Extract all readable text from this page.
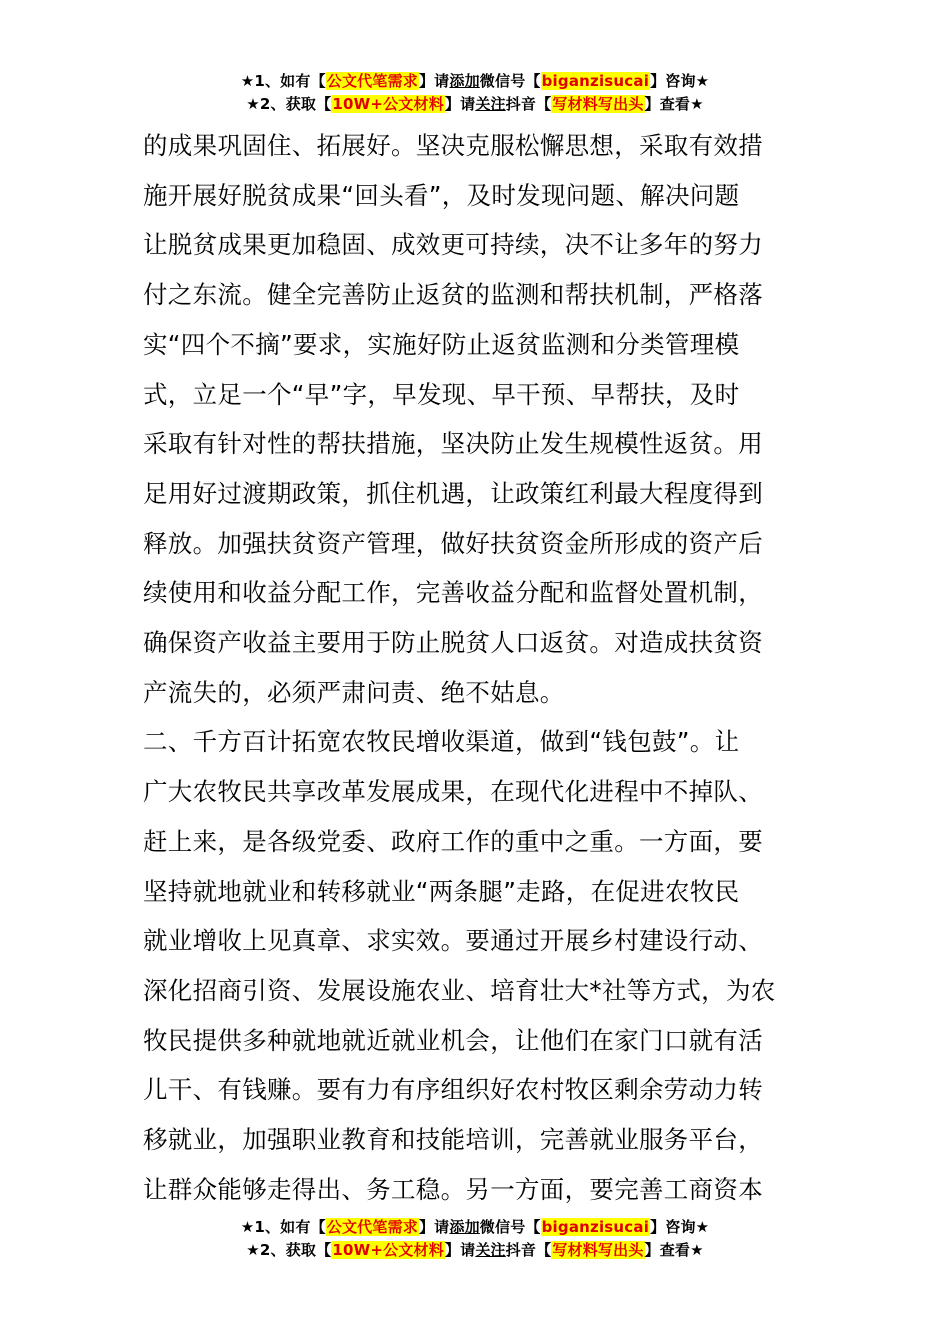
★1、如有【公文代笔需求】请添加微信号【biganzisucai】咨询★
★2、获取【10W+公文材料】请关注抖音【写材料写出头】查看★
的成果巩固住、拓展好。坚决克服松懈思想，采取有效措
施开展好脱贫成果“回头看”，及时发现问题、解决问题
让脱贫成果更加稳固、成效更可持续，决不让多年的努力
付之东流。健全完善防止返贫的监测和帮扶机制，严格落
实“四个不摘”要求，实施好防止返贫监测和分类管理模
式，立足一个“早”字，早发现、早干预、早帮扶，及时
采取有针对性的帮扶措施，坚决防止发生规模性返贫。用
足用好过渡期政策，抓住机遇，让政策红利最大程度得到
释放。加强扶贫资产管理，做好扶贫资金所形成的资产后
续使用和收益分配工作，完善收益分配和监督处置机制，
确保资产收益主要用于防止脱贫人口返贫。对造成扶贫资
产流失的，必须严肃问责、绝不姑息。
二、千方百计拓宽农牧民增收渠道，做到“钱包鼓”。让
广大农牧民共享改革发展成果，在现代化进程中不掉队、
赶上来，是各级党委、政府工作的重中之重。一方面，要
坚持就地就业和转移就业“两条腿”走路，在促进农牧民
就业增收上见真章、求实效。要通过开展乡村建设行动、
深化招商引资、发展设施农业、培育壮大*社等方式，为农
牧民提供多种就地就近就业机会，让他们在家门口就有活
儿干、有钱赚。要有力有序组织好农村牧区剩余劳动力转
移就业，加强职业教育和技能培训，完善就业服务平台，
让群众能够走得出、务工稳。另一方面，要完善工商资本
★1、如有【公文代笔需求】请添加微信号【biganzisucai】咨询★
★2、获取【10W+公文材料】请关注抖音【写材料写出头】查看★
